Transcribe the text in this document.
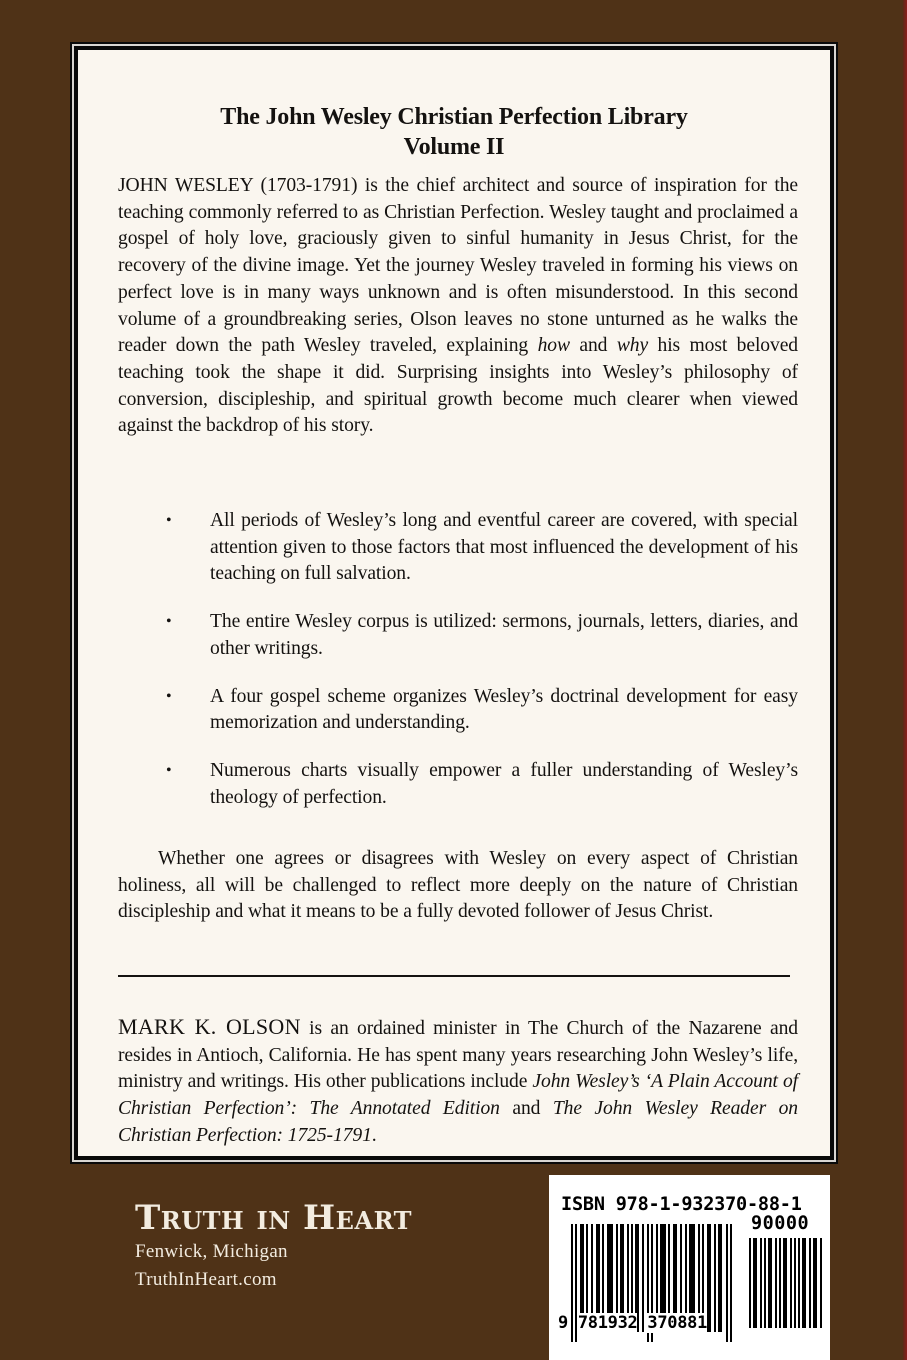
The John Wesley Christian Perfection Library
Volume II

JOHN WESLEY (1703-1791) is the chief architect and source of inspiration for the teaching commonly referred to as Christian Perfection. Wesley taught and proclaimed a gospel of holy love, graciously given to sinful humanity in Jesus Christ, for the recovery of the divine image. Yet the journey Wesley traveled in forming his views on perfect love is in many ways unknown and is often misunderstood. In this second volume of a groundbreaking series, Olson leaves no stone unturned as he walks the reader down the path Wesley traveled, explaining how and why his most beloved teaching took the shape it did. Surprising insights into Wesley’s philosophy of conversion, discipleship, and spiritual growth become much clearer when viewed against the backdrop of his story.

• All periods of Wesley’s long and eventful career are covered, with special attention given to those factors that most influenced the development of his teaching on full salvation.
• The entire Wesley corpus is utilized: sermons, journals, letters, diaries, and other writings.
• A four gospel scheme organizes Wesley’s doctrinal development for easy memorization and understanding.
• Numerous charts visually empower a fuller understanding of Wesley’s theology of perfection.

Whether one agrees or disagrees with Wesley on every aspect of Christian holiness, all will be challenged to reflect more deeply on the nature of Christian discipleship and what it means to be a fully devoted follower of Jesus Christ.

MARK K. OLSON is an ordained minister in The Church of the Nazarene and resides in Antioch, California. He has spent many years researching John Wesley’s life, ministry and writings. His other publications include John Wesley’s ‘A Plain Account of Christian Perfection’: The Annotated Edition and The John Wesley Reader on Christian Perfection: 1725-1791.

Truth in Heart
Fenwick, Michigan
TruthInHeart.com
ISBN 978-1-932370-88-1
90000
9 781932 370881
